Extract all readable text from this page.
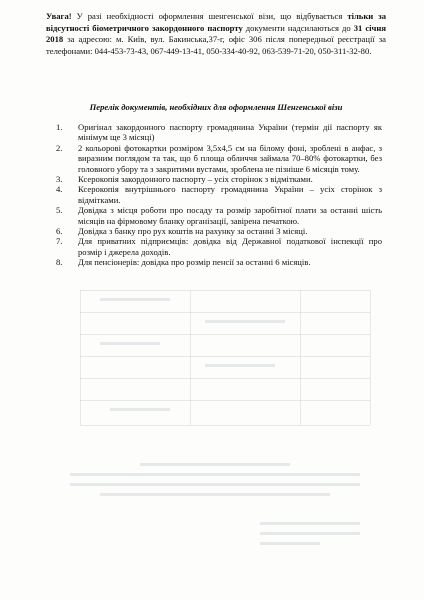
Увага! У разі необхідності оформлення шенгенської візи, що відбувається тільки за відсутності біометричного закордонного паспорту документи надсилаються до 31 січня 2018 за адресою: м. Київ, вул. Бакинська,37-г, офіс 306 після попередньої реєстрації за телефонами: 044-453-73-43, 067-449-13-41, 050-334-40-92, 063-539-71-20, 050-311-32-80.
Перелік документів, необхідних для оформлення Шенгенської візи
1. Оригінал закордонного паспорту громадянина України (термін дії паспорту як мінімум ще 3 місяці)
2. 2 кольорові фотокартки розміром 3,5х4,5 см на білому фоні, зроблені в анфас, з виразним поглядом та так, що б площа обличчя займала 70–80% фотокартки, без головного убору та з закритими вустами, зроблена не пізніше 6 місяців тому.
3. Ксерокопія закордонного паспорту – усіх сторінок з відмітками.
4. Ксерокопія внутрішнього паспорту громадянина України – усіх сторінок з відмітками.
5. Довідка з місця роботи про посаду та розмір заробітної плати за останні шість місяців на фірмовому бланку організації, завірена печаткою.
6. Довідка з банку про рух коштів на рахунку за останні 3 місяці.
7. Для приватних підприємців: довідка від Державної податкової інспекції про розмір і джерела доходів.
8. Для пенсіонерів: довідка про розмір пенсії за останні 6 місяців.
